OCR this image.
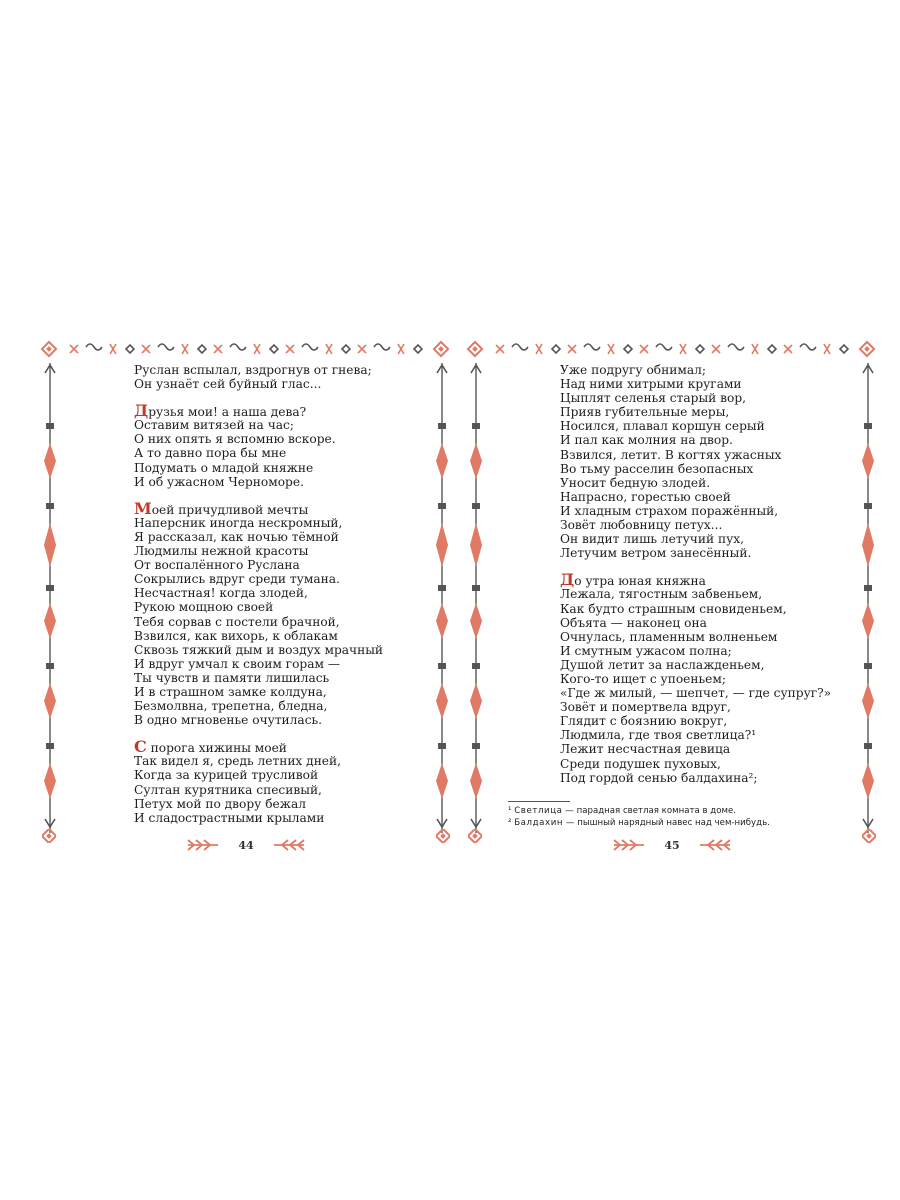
Руслан вспылал, вздрогнув от гнева;
Он узнаёт сей буйный глас...
Друзья мои! а наша дева?
Оставим витязей на час;
О них опять я вспомню вскоре.
А то давно пора бы мне
Подумать о младой княжне
И об ужасном Черноморе.
Моей причудливой мечты
Наперсник иногда нескромный,
Я рассказал, как ночью тёмной
Людмилы нежной красоты
От воспалённого Руслана
Сокрылись вдруг среди тумана.
Несчастная! когда злодей,
Рукою мощною своей
Тебя сорвав с постели брачной,
Взвился, как вихорь, к облакам
Сквозь тяжкий дым и воздух мрачный
И вдруг умчал к своим горам —
Ты чувств и памяти лишилась
И в страшном замке колдуна,
Безмолвна, трепетна, бледна,
В одно мгновенье очутилась.
С порога хижины моей
Так видел я, средь летних дней,
Когда за курицей трусливой
Султан курятника спесивый,
Петух мой по двору бежал
И сладострастными крылами
44
Уже подругу обнимал;
Над ними хитрыми кругами
Цыплят селенья старый вор,
Прияв губительные меры,
Носился, плавал коршун серый
И пал как молния на двор.
Взвился, летит. В когтях ужасных
Во тьму расселин безопасных
Уносит бедную злодей.
Напрасно, горестью своей
И хладным страхом поражённый,
Зовёт любовницу петух...
Он видит лишь летучий пух,
Летучим ветром занесённый.
До утра юная княжна
Лежала, тягостным забвеньем,
Как будто страшным сновиденьем,
Объята — наконец она
Очнулась, пламенным волненьем
И смутным ужасом полна;
Душой летит за наслажденьем,
Кого-то ищет с упоеньем;
«Где ж милый, — шепчет, — где супруг?»
Зовёт и помертвела вдруг,
Глядит с боязнию вокруг,
Людмила, где твоя светлица?¹
Лежит несчастная девица
Среди подушек пуховых,
Под гордой сенью балдахина²;
¹ Светлица — парадная светлая комната в доме.
² Балдахин — пышный нарядный навес над чем-нибудь.
45
